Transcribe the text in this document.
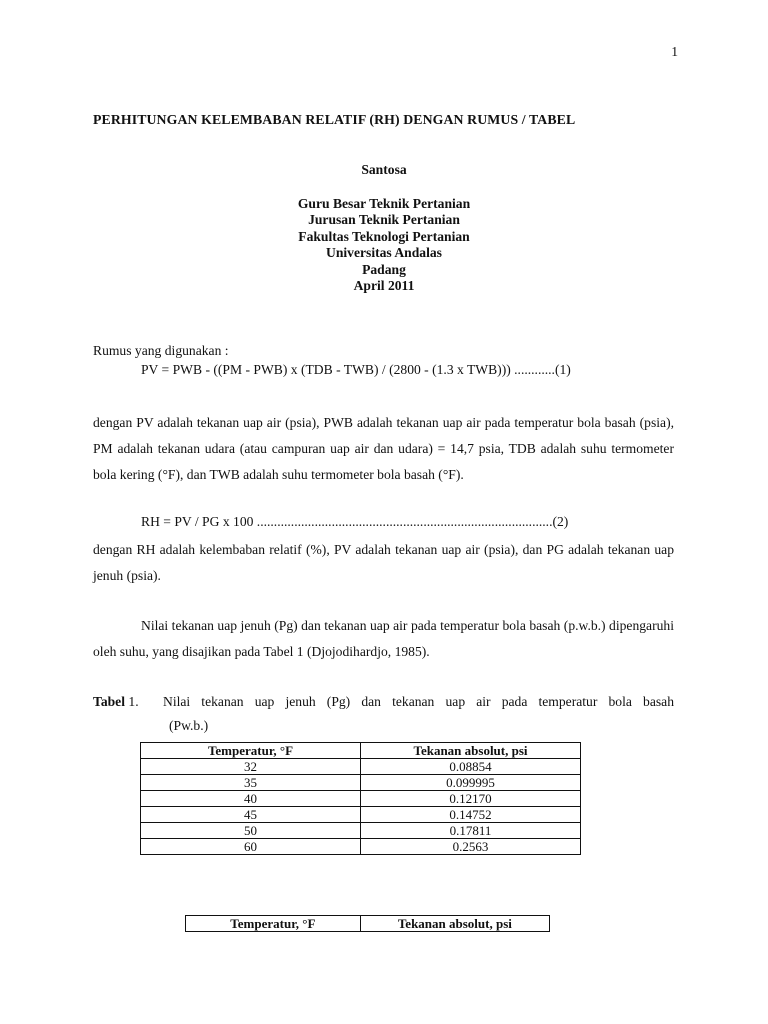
1
PERHITUNGAN KELEMBABAN RELATIF (RH) DENGAN RUMUS / TABEL
Santosa
Guru Besar Teknik Pertanian
Jurusan Teknik Pertanian
Fakultas Teknologi Pertanian
Universitas Andalas
Padang
April 2011
Rumus yang digunakan :
PV = PWB - ((PM - PWB) x (TDB - TWB) / (2800 - (1.3 x TWB))) ............(1)
dengan PV adalah tekanan uap air (psia), PWB adalah tekanan uap air pada temperatur bola basah (psia), PM adalah tekanan udara (atau campuran uap air dan udara) = 14,7 psia, TDB adalah suhu termometer bola kering (°F), dan TWB adalah suhu termometer bola basah (°F).
RH = PV / PG x 100 .......................................................................................(2)
dengan RH adalah kelembaban relatif (%), PV adalah tekanan uap air (psia), dan PG adalah tekanan uap jenuh (psia).
Nilai tekanan uap jenuh (Pg) dan tekanan uap air pada temperatur bola basah (p.w.b.) dipengaruhi oleh suhu, yang disajikan pada Tabel 1 (Djojodihardjo, 1985).
Tabel 1.	Nilai tekanan uap jenuh (Pg) dan tekanan uap air pada temperatur bola basah
(Pw.b.)
Temperatur, °F	Tekanan absolut, psi
32	0.08854
35	0.099995
40	0.12170
45	0.14752
50	0.17811
60	0.2563
Temperatur, °F	Tekanan absolut, psi
